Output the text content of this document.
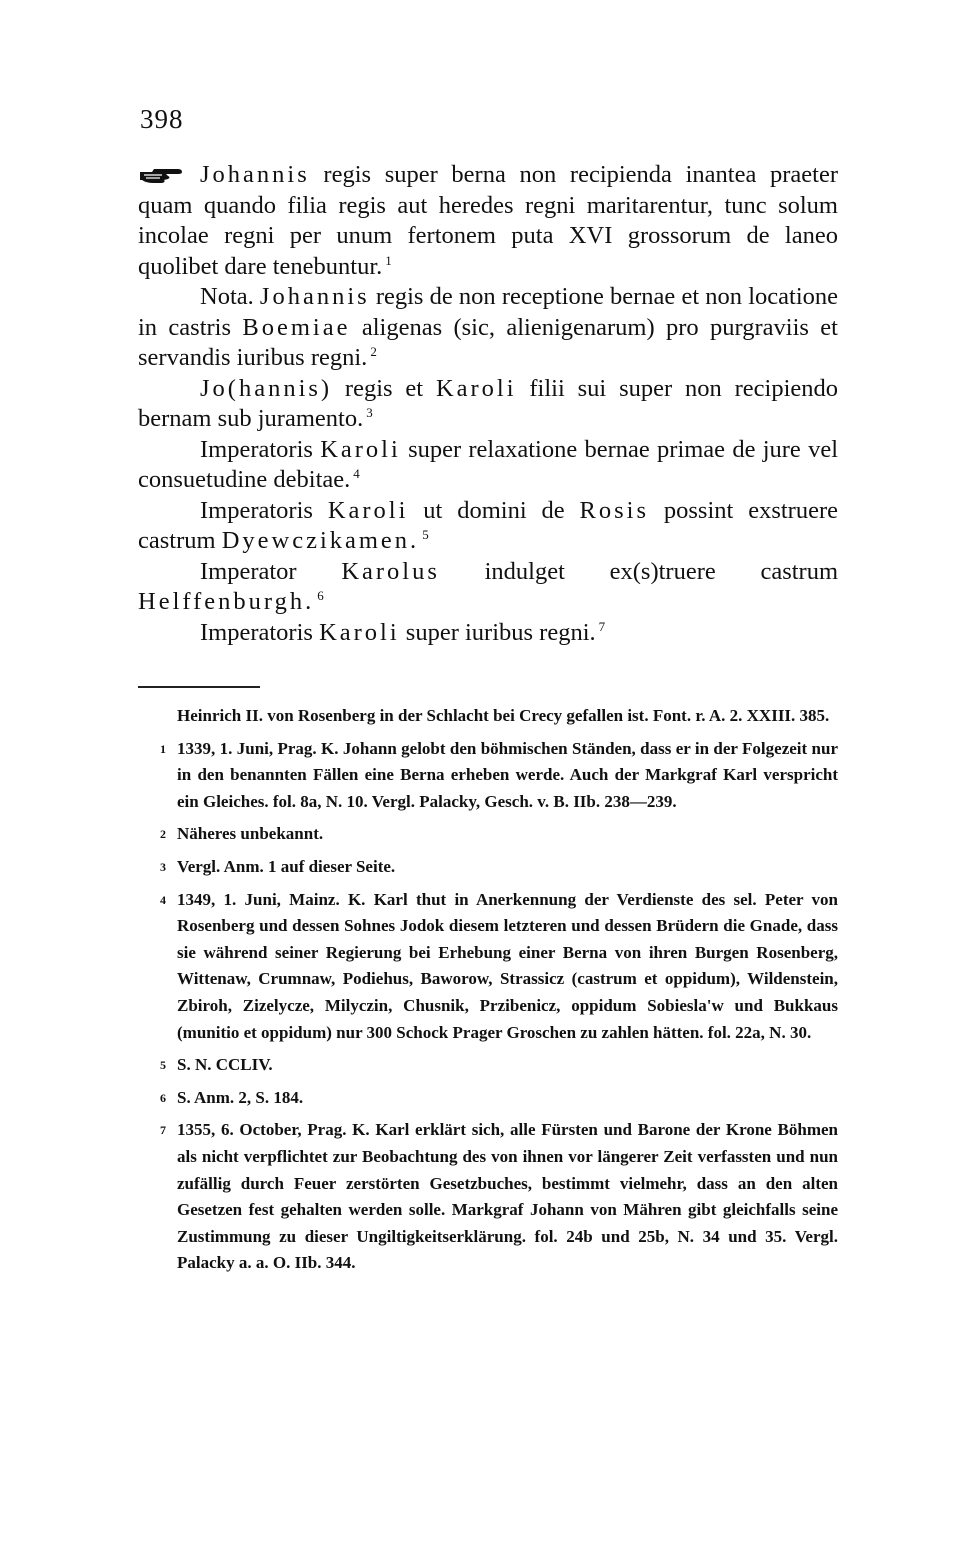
398

Johannis regis super berna non recipienda inantea praeter quam quando filia regis aut heredes regni maritarentur, tunc solum incolae regni per unum fertonem puta XVI grossorum de laneo quolibet dare tenebuntur. $^1$

Nota. Johannis regis de non receptione bernae et non locatione in castris Boemiae aligenas (sic, alienigenarum) pro purgraviis et servandis iuribus regni. $^2$

Jo(hannis) regis et Karoli filii sui super non recipiendo bernam sub juramento. $^3$

Imperatoris Karoli super relaxatione bernae primae de jure vel consuetudine debitae. $^4$

Imperatoris Karoli ut domini de Rosis possint exstruere castrum Dyewczikamen. $^5$

Imperator Karolus indulget ex(s)truere castrum Helffenburgh. $^6$

Imperatoris Karoli super iuribus regni. $^7$

Heinrich II. von Rosenberg in der Schlacht bei Crecy gefallen ist. Font. r. A. 2. XXIII. 385.
1 1339, 1. Juni, Prag. K. Johann gelobt den böhmischen Ständen, dass er in der Folgezeit nur in den benannten Fällen eine Berna erheben werde. Auch der Markgraf Karl verspricht ein Gleiches. fol. 8a, N. 10. Vergl. Palacky, Gesch. v. B. IIb. 238—239.
2 Näheres unbekannt.
3 Vergl. Anm. 1 auf dieser Seite.
4 1349, 1. Juni, Mainz. K. Karl thut in Anerkennung der Verdienste des sel. Peter von Rosenberg und dessen Sohnes Jodok diesem letzteren und dessen Brüdern die Gnade, dass sie während seiner Regierung bei Erhebung einer Berna von ihren Burgen Rosenberg, Wittenaw, Crumnaw, Podiehus, Baworow, Strassicz (castrum et oppidum), Wildenstein, Zbiroh, Zizelycze, Milyczin, Chusnik, Przibenicz, oppidum Sobiesla'w und Bukkaus (munitio et oppidum) nur 300 Schock Prager Groschen zu zahlen hätten. fol. 22a, N. 30.
5 S. N. CCLIV.
6 S. Anm. 2, S. 184.
7 1355, 6. October, Prag. K. Karl erklärt sich, alle Fürsten und Barone der Krone Böhmen als nicht verpflichtet zur Beobachtung des von ihnen vor längerer Zeit verfassten und nun zufällig durch Feuer zerstörten Gesetzbuches, bestimmt vielmehr, dass an den alten Gesetzen fest gehalten werden solle. Markgraf Johann von Mähren gibt gleichfalls seine Zustimmung zu dieser Ungiltigkeitserklärung. fol. 24b und 25b, N. 34 und 35. Vergl. Palacky a. a. O. IIb. 344.
